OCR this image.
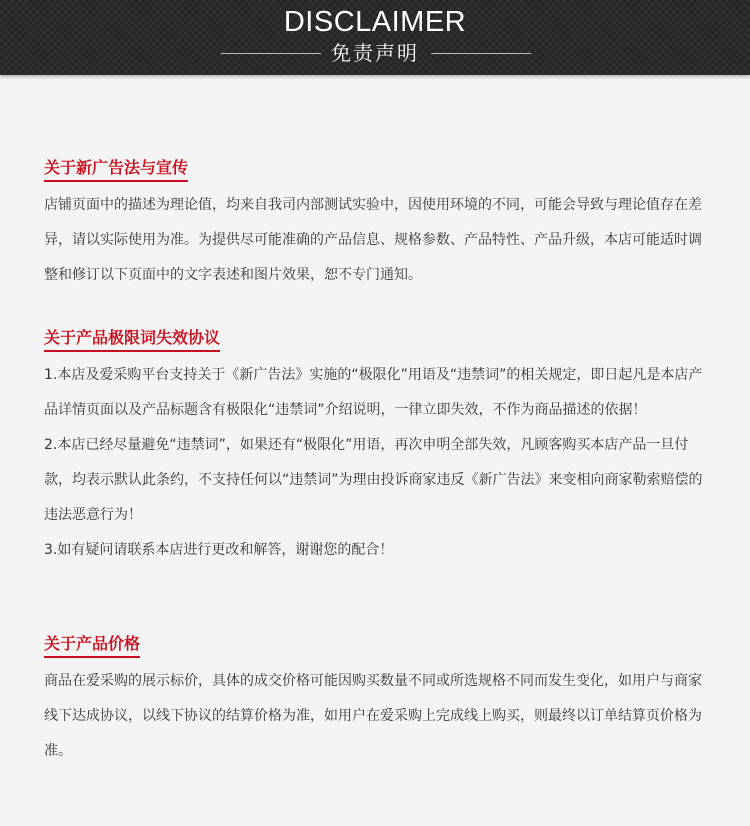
DISCLAIMER
免责声明
关于新广告法与宣传

店铺页面中的描述为理论值，均来自我司内部测试实验中，因使用环境的不同，可能会导致与理论值存在差异，请以实际使用为准。为提供尽可能准确的产品信息、规格参数、产品特性、产品升级，本店可能适时调整和修订以下页面中的文字表述和图片效果，恕不专门通知。

关于产品极限词失效协议

1.本店及爱采购平台支持关于《新广告法》实施的“极限化”用语及“违禁词”的相关规定，即日起凡是本店产品详情页面以及产品标题含有极限化“违禁词”介绍说明，一律立即失效，不作为商品描述的依据！

2.本店已经尽量避免“违禁词”，如果还有“极限化”用语，再次申明全部失效，凡顾客购买本店产品一旦付款，均表示默认此条约，不支持任何以“违禁词”为理由投诉商家违反《新广告法》来变相向商家勒索赔偿的违法恶意行为！

3.如有疑问请联系本店进行更改和解答，谢谢您的配合！

关于产品价格

商品在爱采购的展示标价，具体的成交价格可能因购买数量不同或所选规格不同而发生变化，如用户与商家线下达成协议，以线下协议的结算价格为准，如用户在爱采购上完成线上购买，则最终以订单结算页价格为准。
